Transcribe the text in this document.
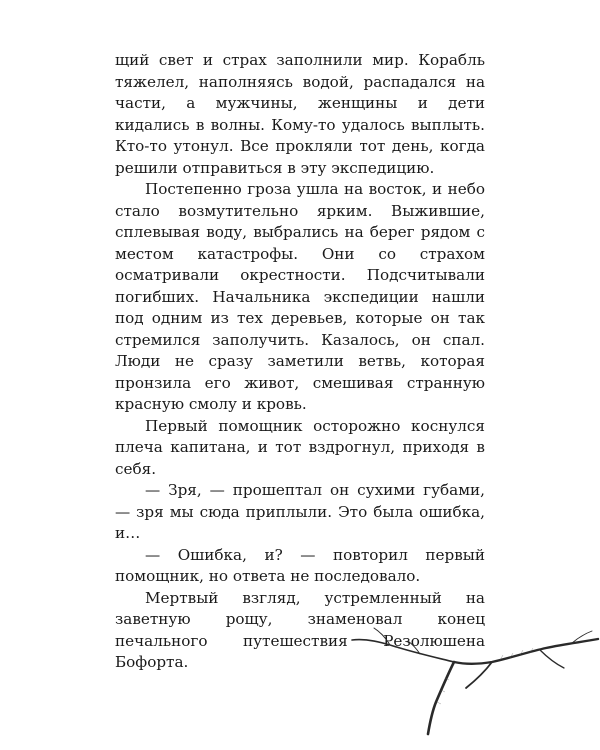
щий свет и страх заполнили мир. Корабль тяжелел, наполняясь водой, распадался на части, а мужчины, женщины и дети кидались в волны. Кому-то удалось выплыть. Кто-то утонул. Все прокляли тот день, когда решили отправиться в эту экспедицию.

Постепенно гроза ушла на восток, и небо стало возмутительно ярким. Выжившие, сплевывая воду, выбрались на берег рядом с местом катастрофы. Они со страхом осматривали окрестности. Подсчитывали погибших. Начальника экспедиции нашли под одним из тех деревьев, которые он так стремился заполучить. Казалось, он спал. Люди не сразу заметили ветвь, которая пронзила его живот, смешивая странную красную смолу и кровь.

Первый помощник осторожно коснулся плеча капитана, и тот вздрогнул, приходя в себя.

— Зря, — прошептал он сухими губами, — зря мы сюда приплыли. Это была ошибка, и…

— Ошибка, и? — повторил первый помощник, но ответа не последовало.

Мертвый взгляд, устремленный на заветную рощу, знаменовал конец печального путешествия Резолюшена Бофорта.
